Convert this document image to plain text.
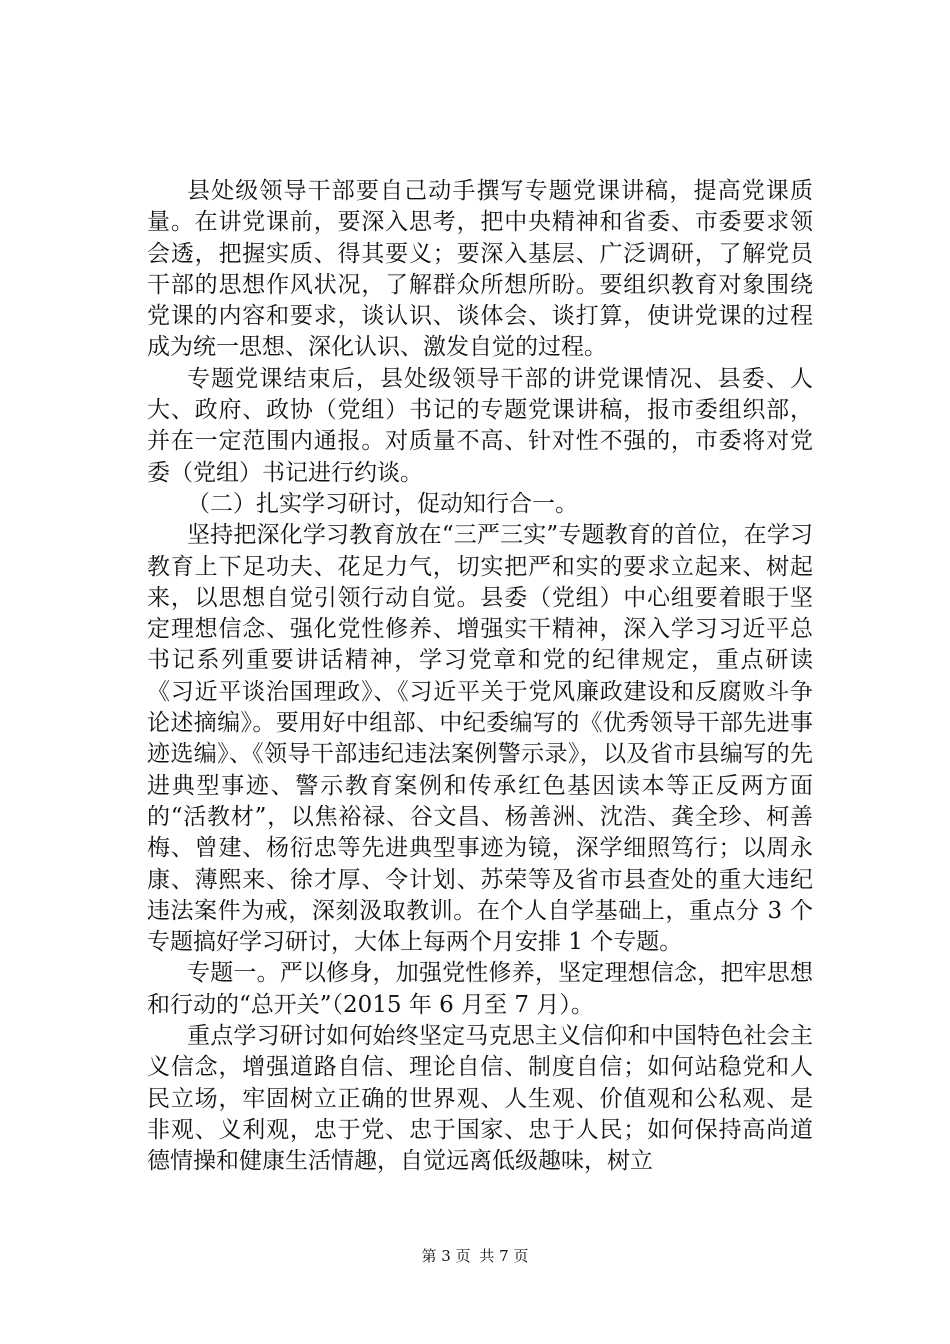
县处级领导干部要自己动手撰写专题党课讲稿，提高党课质量。在讲党课前，要深入思考，把中央精神和省委、市委要求领会透，把握实质、得其要义；要深入基层、广泛调研，了解党员干部的思想作风状况，了解群众所想所盼。要组织教育对象围绕党课的内容和要求，谈认识、谈体会、谈打算，使讲党课的过程成为统一思想、深化认识、激发自觉的过程。

专题党课结束后，县处级领导干部的讲党课情况、县委、人大、政府、政协（党组）书记的专题党课讲稿，报市委组织部，并在一定范围内通报。对质量不高、针对性不强的，市委将对党委（党组）书记进行约谈。

（二）扎实学习研讨，促动知行合一。

坚持把深化学习教育放在“三严三实”专题教育的首位，在学习教育上下足功夫、花足力气，切实把严和实的要求立起来、树起来，以思想自觉引领行动自觉。县委（党组）中心组要着眼于坚定理想信念、强化党性修养、增强实干精神，深入学习习近平总书记系列重要讲话精神，学习党章和党的纪律规定，重点研读《习近平谈治国理政》、《习近平关于党风廉政建设和反腐败斗争论述摘编》。要用好中组部、中纪委编写的《优秀领导干部先进事迹选编》、《领导干部违纪违法案例警示录》，以及省市县编写的先进典型事迹、警示教育案例和传承红色基因读本等正反两方面的“活教材”，以焦裕禄、谷文昌、杨善洲、沈浩、龚全珍、柯善梅、曾建、杨衍忠等先进典型事迹为镜，深学细照笃行；以周永康、薄熙来、徐才厚、令计划、苏荣等及省市县查处的重大违纪违法案件为戒，深刻汲取教训。在个人自学基础上，重点分 3 个专题搞好学习研讨，大体上每两个月安排 1 个专题。

专题一。严以修身，加强党性修养，坚定理想信念，把牢思想和行动的“总开关”（2015 年 6 月至 7 月）。

重点学习研讨如何始终坚定马克思主义信仰和中国特色社会主义信念，增强道路自信、理论自信、制度自信；如何站稳党和人民立场，牢固树立正确的世界观、人生观、价值观和公私观、是非观、义利观，忠于党、忠于国家、忠于人民；如何保持高尚道德情操和健康生活情趣，自觉远离低级趣味，树立

第 3 页 共 7 页
